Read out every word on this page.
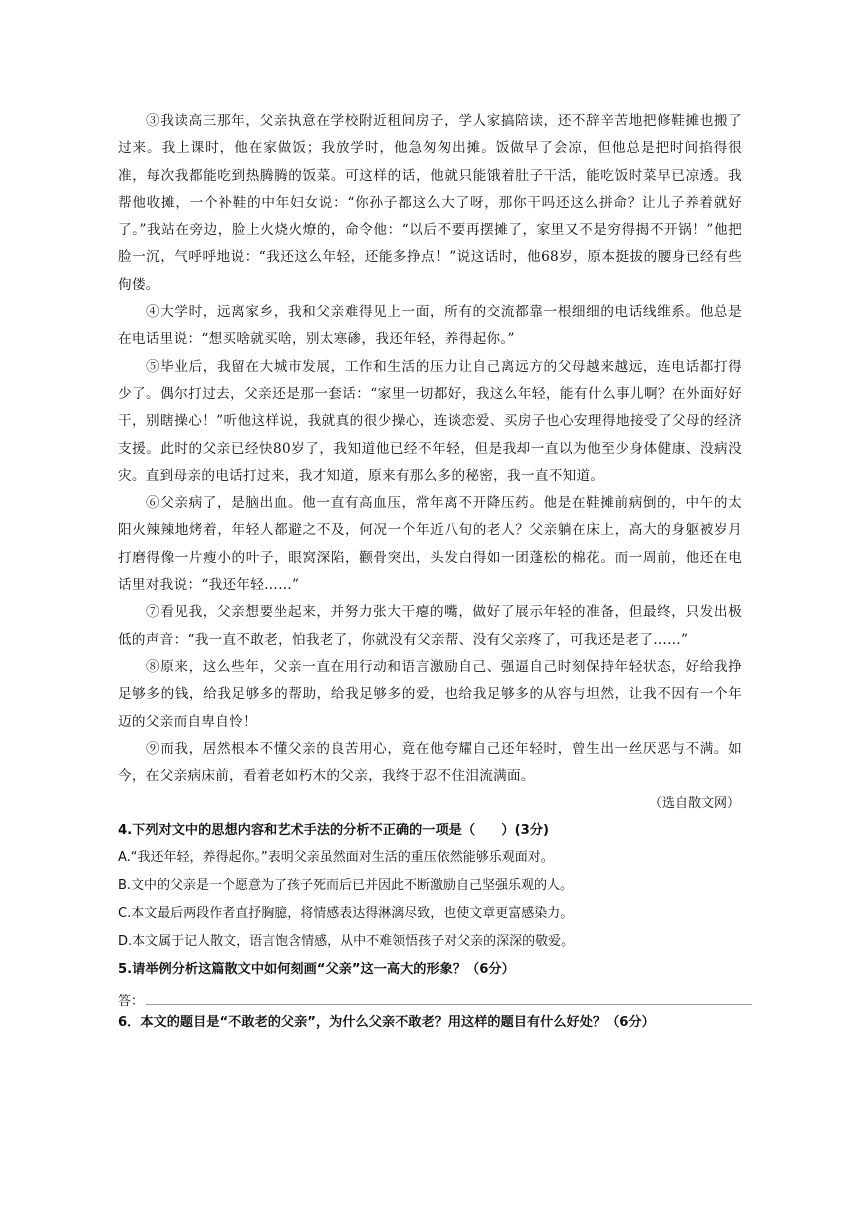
③我读高三那年，父亲执意在学校附近租间房子，学人家搞陪读，还不辞辛苦地把修鞋摊也搬了过来。我上课时，他在家做饭；我放学时，他急匆匆出摊。饭做早了会凉，但他总是把时间掐得很准，每次我都能吃到热腾腾的饭菜。可这样的话，他就只能饿着肚子干活，能吃饭时菜早已凉透。我帮他收摊，一个补鞋的中年妇女说：“你孙子都这么大了呀，那你干吗还这么拼命？让儿子养着就好了。”我站在旁边，脸上火烧火燎的，命令他：“以后不要再摆摊了，家里又不是穷得揭不开锅！”他把脸一沉，气呼呼地说：“我还这么年轻，还能多挣点！”说这话时，他68岁，原本挺拔的腰身已经有些佝偻。

④大学时，远离家乡，我和父亲难得见上一面，所有的交流都靠一根细细的电话线维系。他总是在电话里说：“想买啥就买啥，别太寒碜，我还年轻，养得起你。”

⑤毕业后，我留在大城市发展，工作和生活的压力让自己离远方的父母越来越远，连电话都打得少了。偶尔打过去，父亲还是那一套话：“家里一切都好，我这么年轻，能有什么事儿啊？在外面好好干，别瞎操心！”听他这样说，我就真的很少操心，连谈恋爱、买房子也心安理得地接受了父母的经济支援。此时的父亲已经快80岁了，我知道他已经不年轻，但是我却一直以为他至少身体健康、没病没灾。直到母亲的电话打过来，我才知道，原来有那么多的秘密，我一直不知道。

⑥父亲病了，是脑出血。他一直有高血压，常年离不开降压药。他是在鞋摊前病倒的，中午的太阳火辣辣地烤着，年轻人都避之不及，何况一个年近八旬的老人？父亲躺在床上，高大的身躯被岁月打磨得像一片瘦小的叶子，眼窝深陷，颧骨突出，头发白得如一团蓬松的棉花。而一周前，他还在电话里对我说：“我还年轻……”

⑦看见我，父亲想要坐起来，并努力张大干瘪的嘴，做好了展示年轻的准备，但最终，只发出极低的声音：“我一直不敢老，怕我老了，你就没有父亲帮、没有父亲疼了，可我还是老了……”

⑧原来，这么些年，父亲一直在用行动和语言激励自己、强逼自己时刻保持年轻状态，好给我挣足够多的钱，给我足够多的帮助，给我足够多的爱，也给我足够多的从容与坦然，让我不因有一个年迈的父亲而自卑自怜！

⑨而我，居然根本不懂父亲的良苦用心，竟在他夸耀自己还年轻时，曾生出一丝厌恶与不满。如今，在父亲病床前，看着老如朽木的父亲，我终于忍不住泪流满面。

（选自散文网）

4.下列对文中的思想内容和艺术手法的分析不正确的一项是（　　）(3分)

A.“我还年轻，养得起你。”表明父亲虽然面对生活的重压依然能够乐观面对。

B.文中的父亲是一个愿意为了孩子死而后已并因此不断激励自己坚强乐观的人。

C.本文最后两段作者直抒胸臆，将情感表达得淋漓尽致，也使文章更富感染力。

D.本文属于记人散文，语言饱含情感，从中不难领悟孩子对父亲的深深的敬爱。

5.请举例分析这篇散文中如何刻画“父亲”这一高大的形象？（6分）

答：

6．本文的题目是“不敢老的父亲”，为什么父亲不敢老？用这样的题目有什么好处？（6分）
